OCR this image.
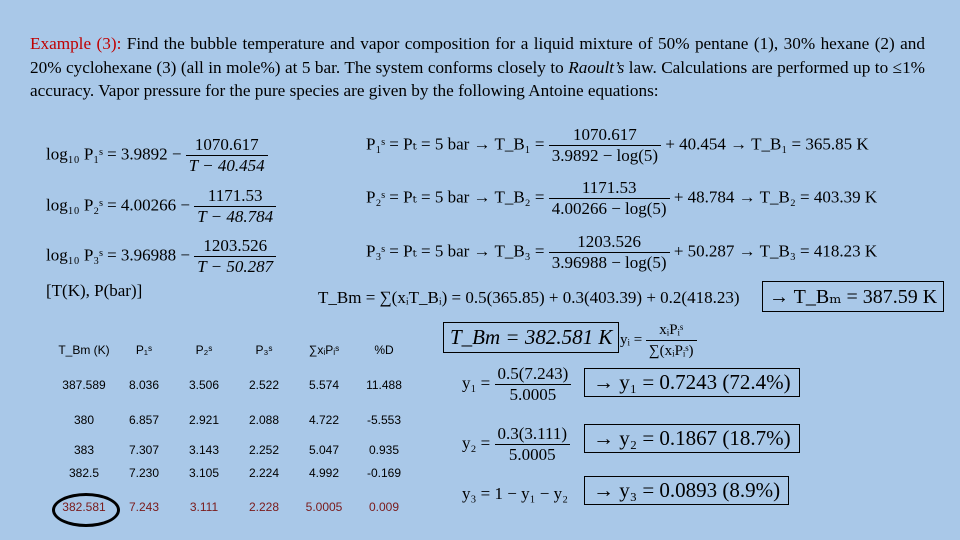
Example (3): Find the bubble temperature and vapor composition for a liquid mixture of 50% pentane (1), 30% hexane (2) and 20% cyclohexane (3) (all in mole%) at 5 bar. The system conforms closely to Raoult’s law. Calculations are performed up to ≤1% accuracy. Vapor pressure for the pure species are given by the following Antoine equations:
log₁₀ P₁ˢ = $3.9892 - \frac{1070.617}{T - 40.454}$
log₁₀ P₂ˢ = $4.00266 - \frac{1171.53}{T - 48.784}$
log₁₀ P₃ˢ = $3.96988 - \frac{1203.526}{T - 50.287}$
[T(K), P(bar)]
P₁ˢ = Pₜ = 5 bar → T_B₁ = $\frac{1070.617}{3.9892 - \log(5)} + 40.454$ → T_B₁ = 365.85 K
P₂ˢ = Pₜ = 5 bar → T_B₂ = $\frac{1171.53}{4.00266 - \log(5)} + 48.784$ → T_B₂ = 403.39 K
P₃ˢ = Pₜ = 5 bar → T_B₃ = $\frac{1203.526}{3.96988 - \log(5)} + 50.287$ → T_B₃ = 418.23 K
T_Bm = ∑(xᵢT_Bᵢ) = 0.5(365.85) + 0.3(403.39) + 0.2(418.23)	→ T_Bₘ = 387.59 K
T_Bm (K)	P₁ˢ	P₂ˢ	P₃ˢ	∑xᵢPᵢˢ	%D
387.589	8.036	3.506	2.522	5.574	11.488
380	6.857	2.921	2.088	4.722	-5.553
383	7.307	3.143	2.252	5.047	0.935
382.5	7.230	3.105	2.224	4.992	-0.169
382.581	7.243	3.111	2.228	5.0005	0.009
T_Bm = 382.581 K yᵢ = $\frac{\text{xᵢPᵢˢ}}{\text{∑(xᵢPᵢˢ)}}$
$y_1 = \frac{0.5(7.243)}{5.0005}$	→ y₁ = 0.7243 (72.4%)
$y_2 = \frac{0.3(3.111)}{5.0005}$	→ y₂ = 0.1867 (18.7%)
y₃ = 1 − y₁ − y₂	→ y₃ = 0.0893 (8.9%)
